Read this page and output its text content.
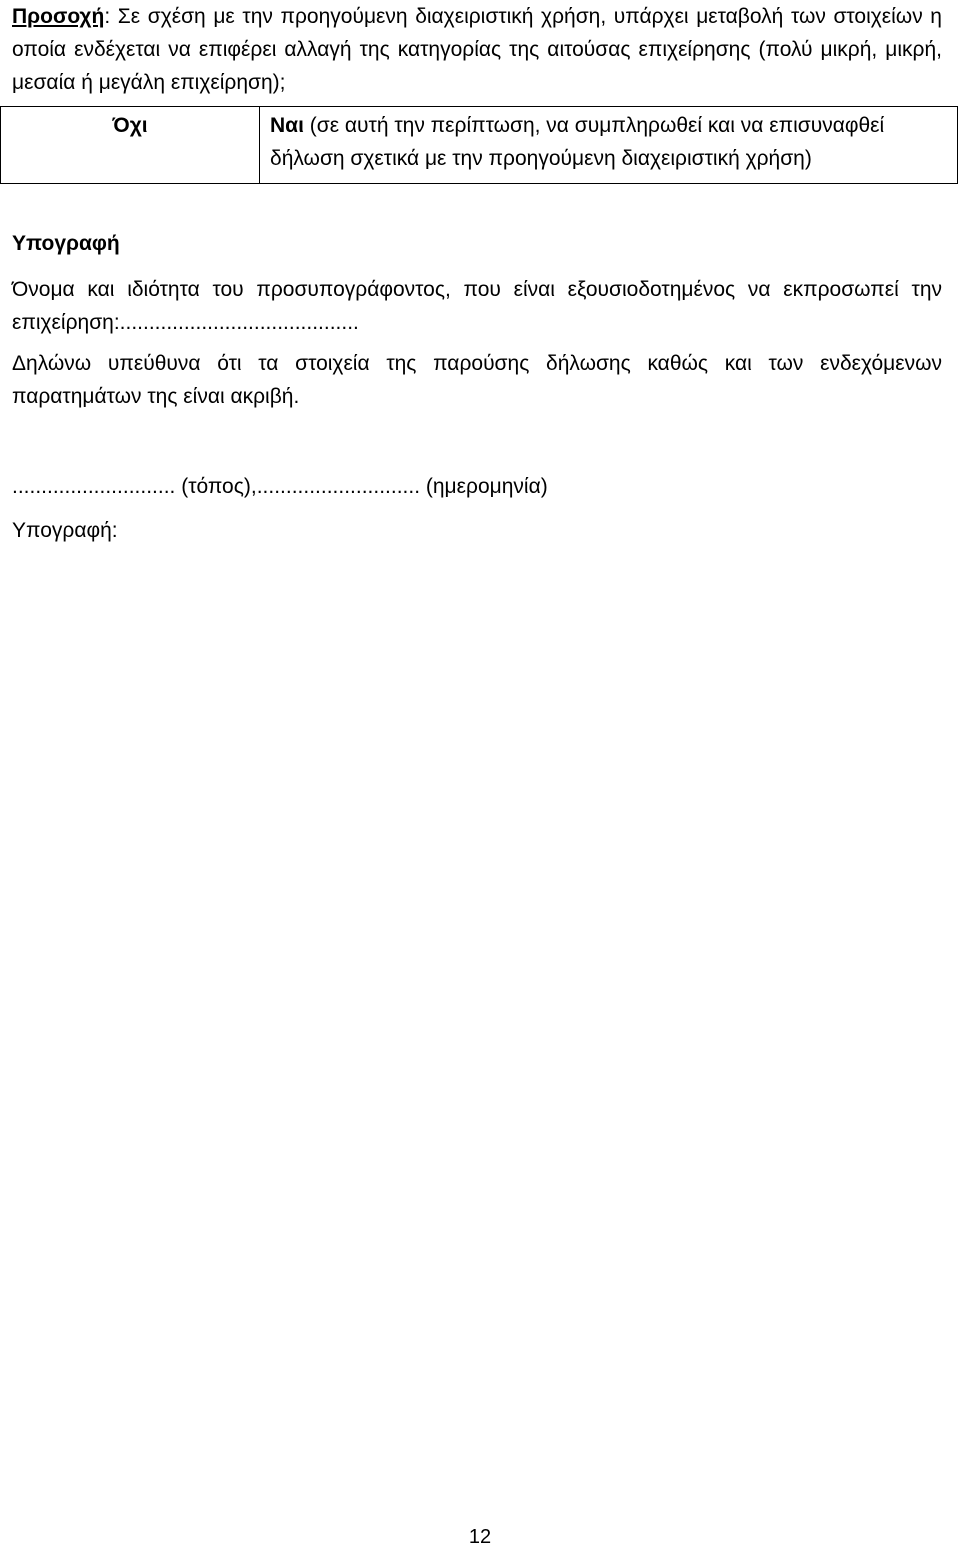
Προσοχή: Σε σχέση με την προηγούμενη διαχειριστική χρήση, υπάρχει μεταβολή των στοιχείων η οποία ενδέχεται να επιφέρει αλλαγή της κατηγορίας της αιτούσας επιχείρησης (πολύ μικρή, μικρή, μεσαία ή μεγάλη επιχείρηση);

Όχι	Ναι (σε αυτή την περίπτωση, να συμπληρωθεί και να επισυναφθεί δήλωση σχετικά με την προηγούμενη διαχειριστική χρήση)

Υπογραφή

Όνομα και ιδιότητα του προσυπογράφοντος, που είναι εξουσιοδοτημένος να εκπροσωπεί την επιχείρηση:.........................................

Δηλώνω υπεύθυνα ότι τα στοιχεία της παρούσης δήλωσης καθώς και των ενδεχόμενων παρατημάτων της είναι ακριβή.

............................ (τόπος),............................ (ημερομηνία)

Υπογραφή:

12
